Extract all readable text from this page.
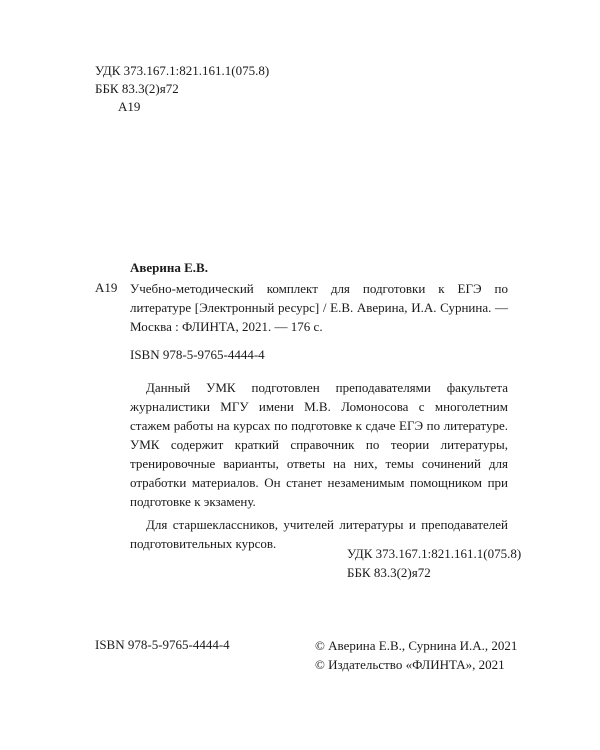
УДК 373.167.1:821.161.1(075.8)
ББК 83.3(2)я72
А19
Аверина Е.В.
А19 Учебно-методический комплект для подготовки к ЕГЭ по
литературе [Электронный ресурс] / Е.В. Аверина, И.А. Сурнина. —
Москва : ФЛИНТА, 2021. — 176 с.
ISBN 978-5-9765-4444-4

Данный УМК подготовлен преподавателями факультета журналистики МГУ имени М.В. Ломоносова с многолетним стажем работы на курсах по подготовке к сдаче ЕГЭ по литературе. УМК содержит краткий справочник по теории литературы, тренировочные варианты, ответы на них, темы сочинений для отработки материалов. Он станет незаменимым помощником при подготовке к экзамену.

Для старшеклассников, учителей литературы и преподавателей подготовительных курсов.

УДК 373.167.1:821.161.1(075.8)
ББК 83.3(2)я72
ISBN 978-5-9765-4444-4	© Аверина Е.В., Сурнина И.А., 2021
© Издательство «ФЛИНТА», 2021
